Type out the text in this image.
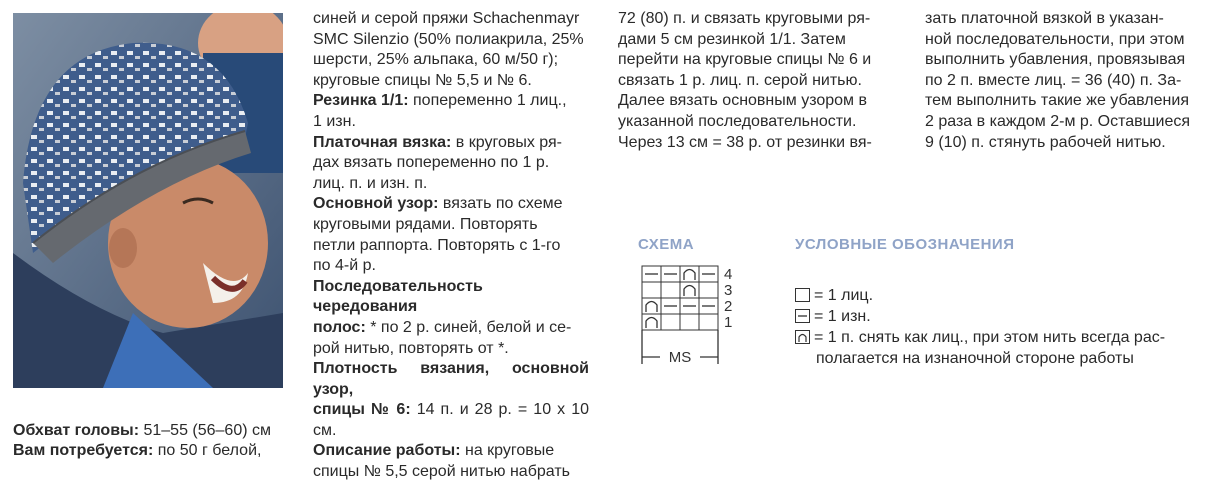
Обхват головы: 51–55 (56–60) см

Вам потребуется: по 50 г белой,

синей и серой пряжи Schachenmayr

SMC Silenzio (50% полиакрила, 25%

шерсти, 25% альпака, 60 м/50 г);

круговые спицы № 5,5 и № 6.

Резинка 1/1: попеременно 1 лиц.,

1 изн.

Платочная вязка: в круговых ря-

дах вязать попеременно по 1 р.

лиц. п. и изн. п.

Основной узор: вязать по схеме

круговыми рядами. Повторять

петли раппорта. Повторять с 1-го

по 4-й р.

Последовательность чередования

полос: * по 2 р. синей, белой и се-

рой нитью, повторять от *.

Плотность вязания, основной узор,

спицы № 6: 14 п. и 28 р. = 10 х 10 см.

Описание работы: на круговые

спицы № 5,5 серой нитью набрать

72 (80) п. и связать круговыми ря-

дами 5 см резинкой 1/1. Затем

перейти на круговые спицы № 6 и

связать 1 р. лиц. п. серой нитью.

Далее вязать основным узором в

указанной последовательности.

Через 13 см = 38 р. от резинки вя-

зать платочной вязкой в указан-

ной последовательности, при этом

выполнить убавления, провязывая

по 2 п. вместе лиц. = 36 (40) п. За-

тем выполнить такие же убавления

2 раза в каждом 2-м р. Оставшиеся

9 (10) п. стянуть рабочей нитью.

СХЕМА
4
3
2
1
MS
УСЛОВНЫЕ ОБОЗНАЧЕНИЯ
= 1 лиц.
= 1 изн.
= 1 п. снять как лиц., при этом нить всегда рас-
полагается на изнаночной стороне работы
